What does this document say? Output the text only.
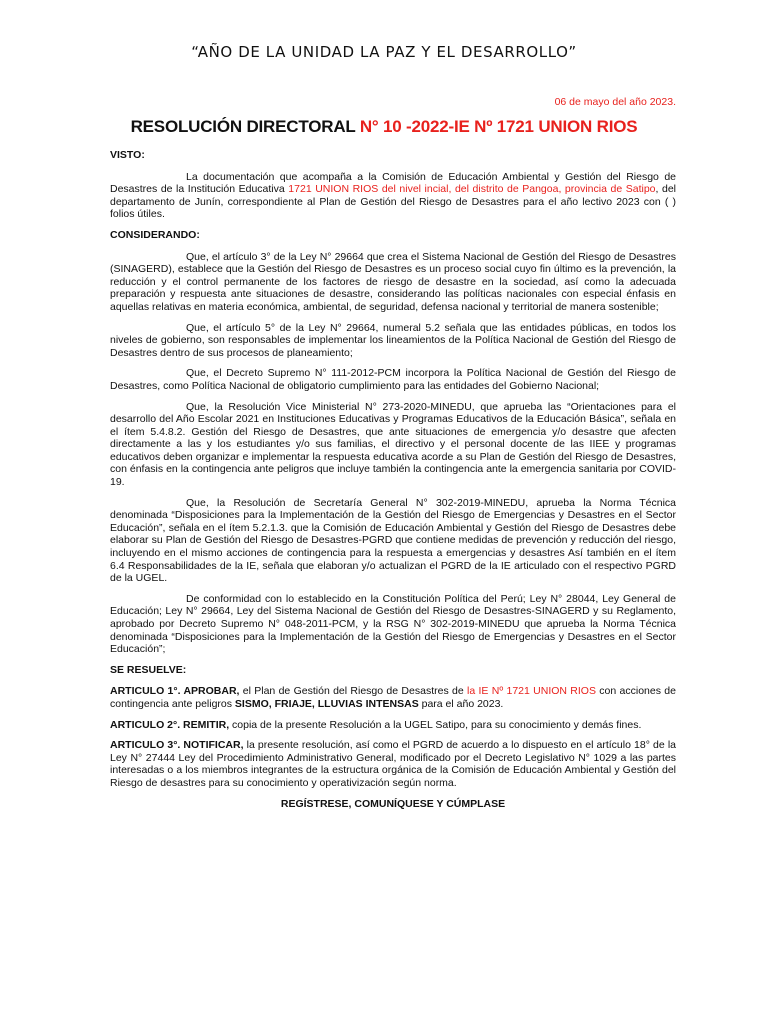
“AÑO DE LA UNIDAD LA PAZ Y EL DESARROLLO”
06 de mayo del año 2023.
RESOLUCIÓN DIRECTORAL N° 10 -2022-IE Nº 1721 UNION RIOS
VISTO:

La documentación que acompaña a la Comisión de Educación Ambiental y Gestión del Riesgo de Desastres de la Institución Educativa 1721 UNION RIOS del nivel incial, del distrito de Pangoa, provincia de Satipo, del departamento de Junín, correspondiente al Plan de Gestión del Riesgo de Desastres para el año lectivo 2023 con ( ) folios útiles.

CONSIDERANDO:

Que, el artículo 3° de la Ley N° 29664 que crea el Sistema Nacional de Gestión del Riesgo de Desastres (SINAGERD), establece que la Gestión del Riesgo de Desastres es un proceso social cuyo fin último es la prevención, la reducción y el control permanente de los factores de riesgo de desastre en la sociedad, así como la adecuada preparación y respuesta ante situaciones de desastre, considerando las políticas nacionales con especial énfasis en aquellas relativas en materia económica, ambiental, de seguridad, defensa nacional y territorial de manera sostenible;

Que, el artículo 5° de la Ley N° 29664, numeral 5.2 señala que las entidades públicas, en todos los niveles de gobierno, son responsables de implementar los lineamientos de la Política Nacional de Gestión del Riesgo de Desastres dentro de sus procesos de planeamiento;

Que, el Decreto Supremo N° 111-2012-PCM incorpora la Política Nacional de Gestión del Riesgo de Desastres, como Política Nacional de obligatorio cumplimiento para las entidades del Gobierno Nacional;

Que, la Resolución Vice Ministerial N° 273-2020-MINEDU, que aprueba las “Orientaciones para el desarrollo del Año Escolar 2021 en Instituciones Educativas y Programas Educativos de la Educación Básica”, señala en el ítem 5.4.8.2. Gestión del Riesgo de Desastres, que ante situaciones de emergencia y/o desastre que afecten directamente a las y los estudiantes y/o sus familias, el directivo y el personal docente de las IIEE y programas educativos deben organizar e implementar la respuesta educativa acorde a su Plan de Gestión del Riesgo de Desastres, con énfasis en la contingencia ante peligros que incluye también la contingencia ante la emergencia sanitaria por COVID-19.

Que, la Resolución de Secretaría General N° 302-2019-MINEDU, aprueba la Norma Técnica denominada “Disposiciones para la Implementación de la Gestión del Riesgo de Emergencias y Desastres en el Sector Educación”, señala en el ítem 5.2.1.3. que la Comisión de Educación Ambiental y Gestión del Riesgo de Desastres debe elaborar su Plan de Gestión del Riesgo de Desastres-PGRD que contiene medidas de prevención y reducción del riesgo, incluyendo en el mismo acciones de contingencia para la respuesta a emergencias y desastres Así también en el ítem 6.4 Responsabilidades de la IE, señala que elaboran y/o actualizan el PGRD de la IE articulado con el respectivo PGRD de la UGEL.

De conformidad con lo establecido en la Constitución Política del Perú; Ley N° 28044, Ley General de Educación; Ley N° 29664, Ley del Sistema Nacional de Gestión del Riesgo de Desastres-SINAGERD y su Reglamento, aprobado por Decreto Supremo N° 048-2011-PCM, y la RSG N° 302-2019-MINEDU que aprueba la Norma Técnica denominada “Disposiciones para la Implementación de la Gestión del Riesgo de Emergencias y Desastres en el Sector Educación”;

SE RESUELVE:

ARTICULO 1°. APROBAR, el Plan de Gestión del Riesgo de Desastres de la IE Nº 1721 UNION RIOS con acciones de contingencia ante peligros SISMO, FRIAJE, LLUVIAS INTENSAS para el año 2023.

ARTICULO 2°. REMITIR, copia de la presente Resolución a la UGEL Satipo, para su conocimiento y demás fines.

ARTICULO 3°. NOTIFICAR, la presente resolución, así como el PGRD de acuerdo a lo dispuesto en el artículo 18° de la Ley N° 27444 Ley del Procedimiento Administrativo General, modificado por el Decreto Legislativo N° 1029 a las partes interesadas o a los miembros integrantes de la estructura orgánica de la Comisión de Educación Ambiental y Gestión del Riesgo de desastres para su conocimiento y operativización según norma.

REGÍSTRESE, COMUNÍQUESE Y CÚMPLASE
